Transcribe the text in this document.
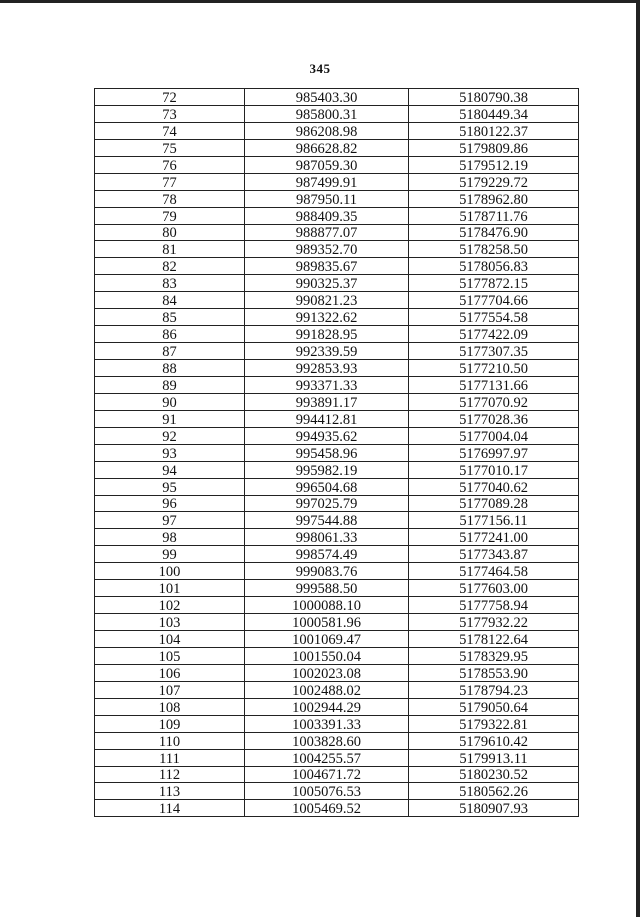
345
72	985403.30	5180790.38
73	985800.31	5180449.34
74	986208.98	5180122.37
75	986628.82	5179809.86
76	987059.30	5179512.19
77	987499.91	5179229.72
78	987950.11	5178962.80
79	988409.35	5178711.76
80	988877.07	5178476.90
81	989352.70	5178258.50
82	989835.67	5178056.83
83	990325.37	5177872.15
84	990821.23	5177704.66
85	991322.62	5177554.58
86	991828.95	5177422.09
87	992339.59	5177307.35
88	992853.93	5177210.50
89	993371.33	5177131.66
90	993891.17	5177070.92
91	994412.81	5177028.36
92	994935.62	5177004.04
93	995458.96	5176997.97
94	995982.19	5177010.17
95	996504.68	5177040.62
96	997025.79	5177089.28
97	997544.88	5177156.11
98	998061.33	5177241.00
99	998574.49	5177343.87
100	999083.76	5177464.58
101	999588.50	5177603.00
102	1000088.10	5177758.94
103	1000581.96	5177932.22
104	1001069.47	5178122.64
105	1001550.04	5178329.95
106	1002023.08	5178553.90
107	1002488.02	5178794.23
108	1002944.29	5179050.64
109	1003391.33	5179322.81
110	1003828.60	5179610.42
111	1004255.57	5179913.11
112	1004671.72	5180230.52
113	1005076.53	5180562.26
114	1005469.52	5180907.93
